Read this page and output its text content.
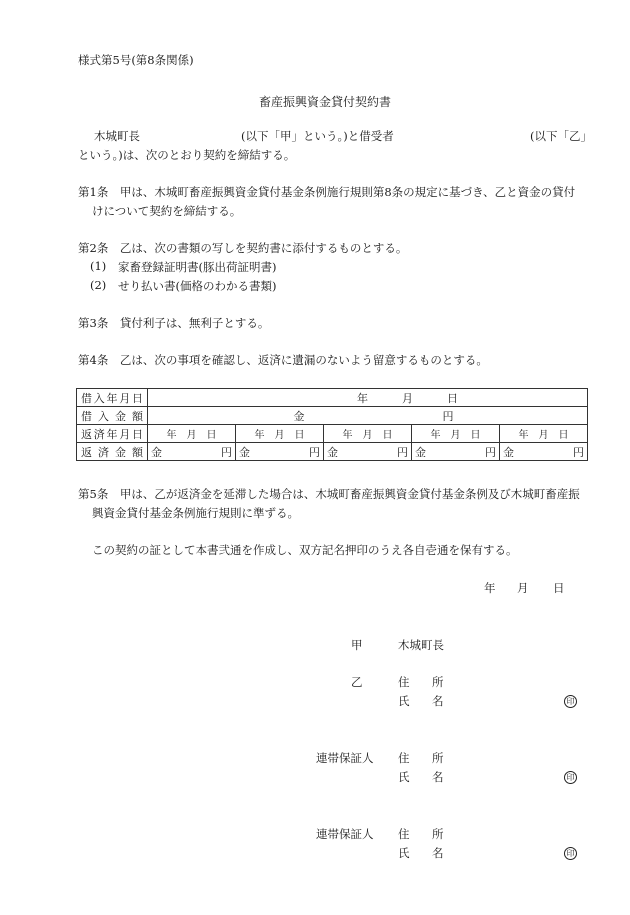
様式第5号(第8条関係)
畜産振興資金貸付契約書
木城町長	(以下「甲」という。)と借受者	(以下「乙」
という。)は、次のとおり契約を締結する。
第1条　甲は、木城町畜産振興資金貸付基金条例施行規則第8条の規定に基づき、乙と資金の貸付
けについて契約を締結する。
第2条　乙は、次の書類の写しを契約書に添付するものとする。
(1) 家畜登録証明書(豚出荷証明書)
(2) せり払い書(価格のわかる書類)
第3条　貸付利子は、無利子とする。
第4条　乙は、次の事項を確認し、返済に遺漏のないよう留意するものとする。
借入年月日	年 月 日				

借入金額	金 円				

返済年月日	年 月 日	年 月 日	年 月 日	年 月 日	年 月 日

返済金額	金 円	金 円	金 円	金 円	金 円
第5条　甲は、乙が返済金を延滞した場合は、木城町畜産振興資金貸付基金条例及び木城町畜産振
興資金貸付基金条例施行規則に準ずる。
この契約の証として本書弐通を作成し、双方記名押印のうえ各自壱通を保有する。
年 月 日
甲	木城町長
乙	住 所
氏 名	印
連帯保証人 住 所
氏 名	印
連帯保証人 住 所
氏 名	印
